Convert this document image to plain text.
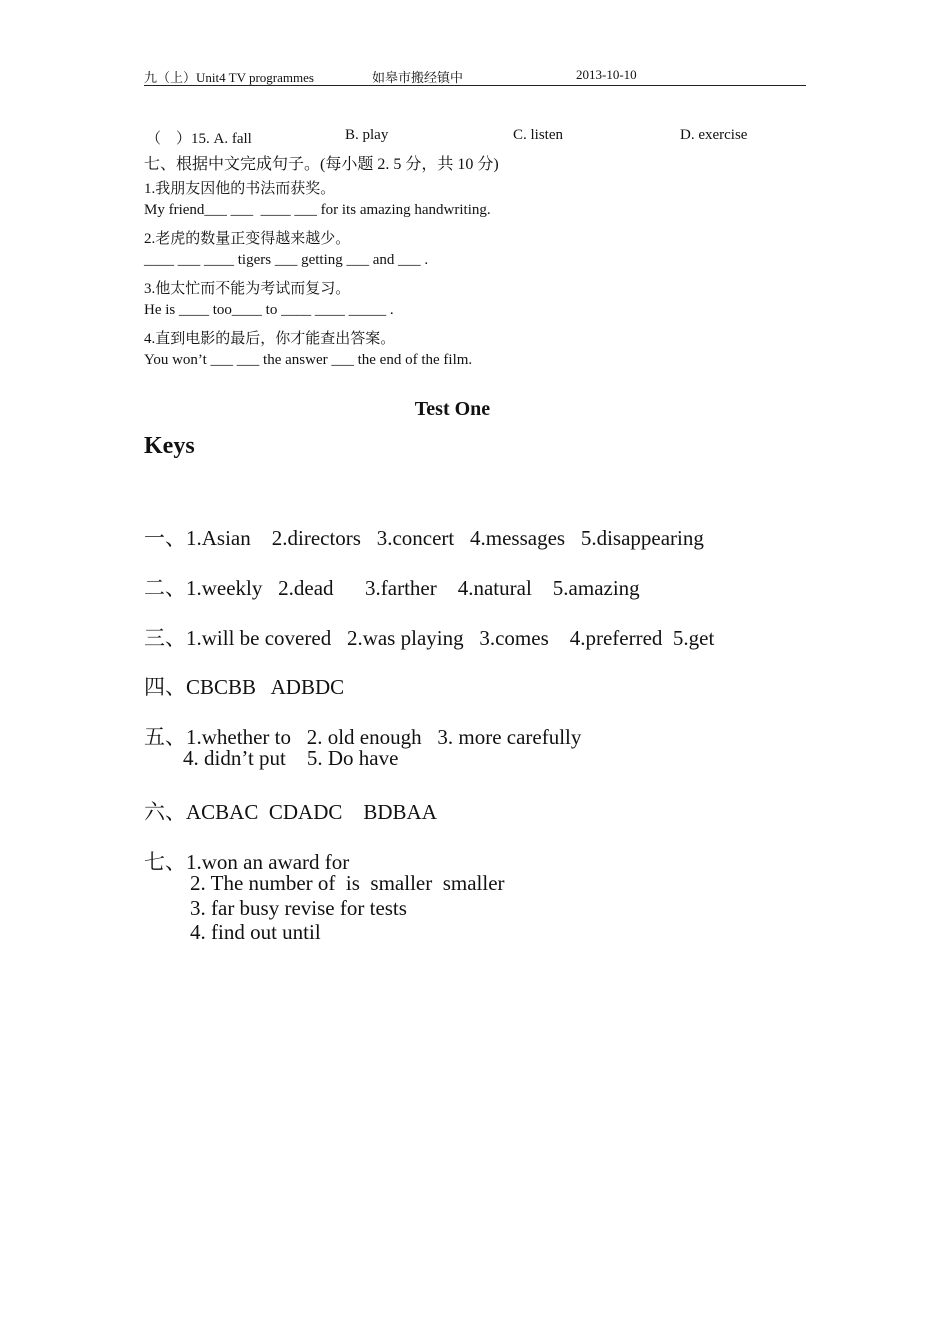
九（上）Unit4 TV programmes	如皋市搬经镇中	2013-10-10
（　）15. A. fall	B. play	C. listen	D. exercise
七、根据中文完成句子。(每小题 2. 5 分，共 10 分)
1.我朋友因他的书法而获奖。
My friend___ ___  ____ ___ for its amazing handwriting.
2.老虎的数量正变得越来越少。
____ ___ ____ tigers ___ getting ___ and ___ .
3.他太忙而不能为考试而复习。
He is ____ too____ to ____ ____ _____ .
4.直到电影的最后，你才能查出答案。
You won’t ___ ___ the answer ___ the end of the film.
Test One
Keys
一、1.Asian    2.directors   3.concert   4.messages   5.disappearing
二、1.weekly   2.dead      3.farther    4.natural    5.amazing
三、1.will be covered   2.was playing   3.comes    4.preferred  5.get
四、CBCBB   ADBDC
五、1.whether to   2. old enough   3. more carefully
4. didn’t put    5. Do have
六、ACBAC  CDADC    BDBAA
七、1.won an award for
2. The number of  is  smaller  smaller
3. far busy revise for tests
4. find out until
